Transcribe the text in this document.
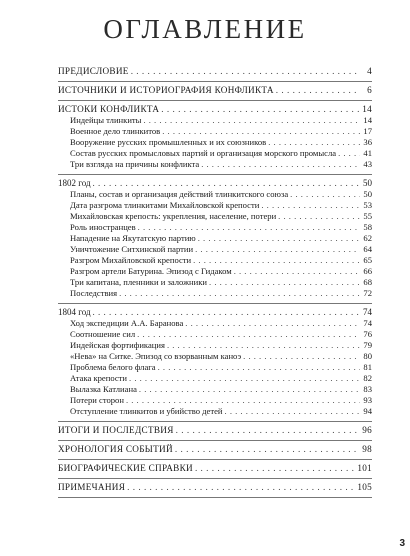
ОГЛАВЛЕНИЕ
ПРЕДИСЛОВИЕ . . .	4
ИСТОЧНИКИ И ИСТОРИОГРАФИЯ КОНФЛИКТА . . .	6
ИСТОКИ КОНФЛИКТА . . .	14
Индейцы тлинкиты . . .	14
Военное дело тлинкитов . . .	17
Вооружение русских промышленных и их союзников . . .	36
Состав русских промысловых партий и организация морского промысла . . .	41
Три взгляда на причины конфликта . . .	43
1802 год . . .	50
Планы, состав и организация действий тлинкитского союза . . .	50
Дата разгрома тлинкитами Михайловской крепости . . .	53
Михайловская крепость: укрепления, население, потери . . .	55
Роль иностранцев . . .	58
Нападение на Якутатскую партию . . .	62
Уничтожение Ситхинской партии . . .	64
Разгром Михайловской крепости . . .	65
Разгром артели Батурина. Эпизод с Гидаком . . .	66
Три капитана, пленники и заложники . . .	68
Последствия . . .	72
1804 год . . .	74
Ход экспедиции А.А. Баранова . . .	74
Соотношение сил . . .	76
Индейская фортификация . . .	79
«Нева» на Ситке. Эпизод со взорванным каноэ . . .	80
Проблема белого флага . . .	81
Атака крепости . . .	82
Вылазка Катлиана . . .	83
Потери сторон . . .	93
Отступление тлинкитов и убийство детей . . .	94
ИТОГИ И ПОСЛЕДСТВИЯ . . .	96
ХРОНОЛОГИЯ СОБЫТИЙ . . .	98
БИОГРАФИЧЕСКИЕ СПРАВКИ . . .	101
ПРИМЕЧАНИЯ . . .	105
3
